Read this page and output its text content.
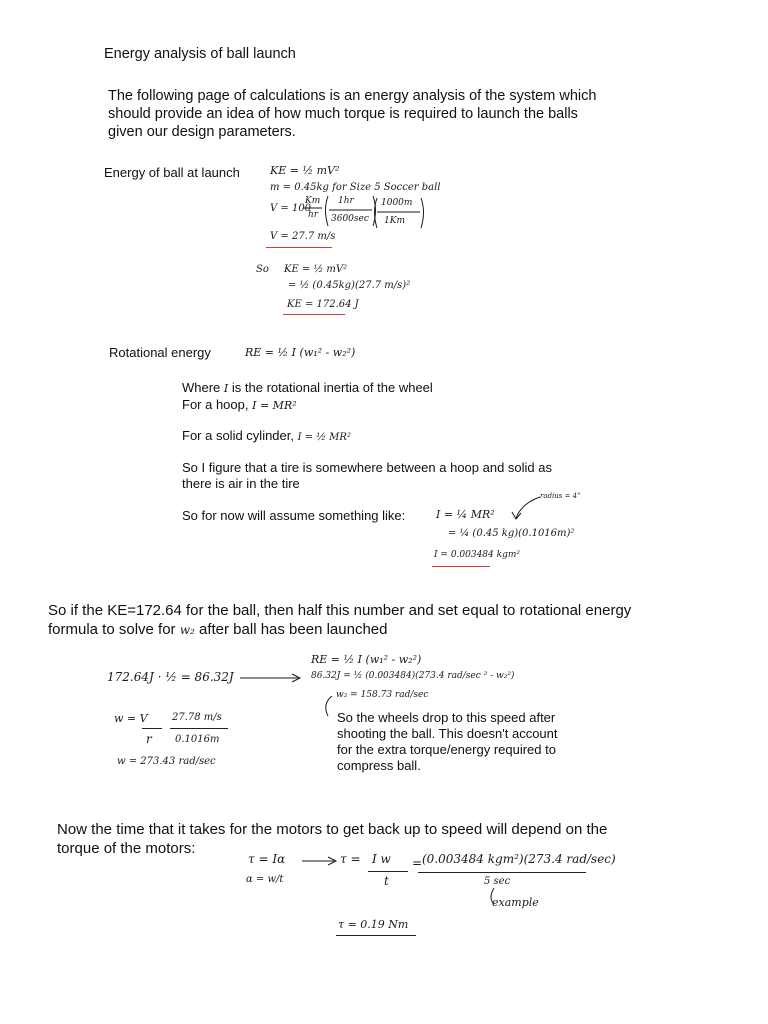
Energy analysis of ball launch
The following page of calculations is an energy analysis of the system which
should provide an idea of how much torque is required to launch the balls
given our design parameters.
Energy of ball at launch	KE = ½ mV²
m = 0.45kg for Size 5 Soccer ball
V = 100
Km
hr
1hr
3600sec
1000m
1Km
V = 27.7 m/s
So KE = ½ mV²
= ½ (0.45kg)(27.7 m/s)²
KE = 172.64 J
Rotational energy	RE = ½ I (w₁² - w₂²)
Where I is the rotational inertia of the wheel
For a hoop, I = MR²
For a solid cylinder, I = ½ MR²
So I figure that a tire is somewhere between a hoop and solid as
there is air in the tire
So for now will assume something like:	I = ¼ MR²
radius = 4"
= ¼ (0.45 kg)(0.1016m)²
I = 0.003484 kgm²
So if the KE=172.64 for the ball, then half this number and set equal to rotational energy
formula to solve for w₂ after ball has been launched
172.64J · ½ = 86.32J
RE = ½ I (w₁² - w₂²)
86.32J = ½ (0.003484)(273.4 rad/sec ² - w₂²)
w₂ = 158.73 rad/sec
w = V 27.78 m/s
r 0.1016m
w = 273.43 rad/sec
So the wheels drop to this speed after
shooting the ball. This doesn't account
for the extra torque/energy required to
compress ball.
Now the time that it takes for the motors to get back up to speed will depend on the
torque of the motors:
τ = Iα
α = w/t
τ = I w
t
= (0.003484 kgm²)(273.4 rad/sec)
5 sec
example
τ = 0.19 Nm
